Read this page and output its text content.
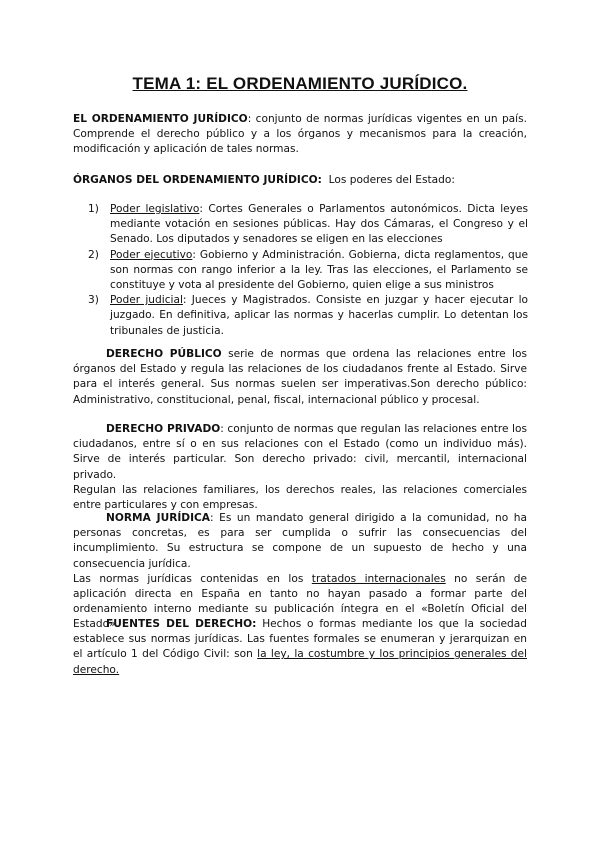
TEMA 1: EL ORDENAMIENTO JURÍDICO.
EL ORDENAMIENTO JURÍDICO: conjunto de normas jurídicas vigentes en un país. Comprende el derecho público y a los órganos y mecanismos para la creación, modificación y aplicación de tales normas.
ÓRGANOS DEL ORDENAMIENTO JURÍDICO: Los poderes del Estado:
1) Poder legislativo: Cortes Generales o Parlamentos autonómicos. Dicta leyes mediante votación en sesiones públicas. Hay dos Cámaras, el Congreso y el Senado. Los diputados y senadores se eligen en las elecciones
2) Poder ejecutivo: Gobierno y Administración. Gobierna, dicta reglamentos, que son normas con rango inferior a la ley. Tras las elecciones, el Parlamento se constituye y vota al presidente del Gobierno, quien elige a sus ministros
3) Poder judicial: Jueces y Magistrados. Consiste en juzgar y hacer ejecutar lo juzgado. En definitiva, aplicar las normas y hacerlas cumplir. Lo detentan los tribunales de justicia.
DERECHO PÚBLICO serie de normas que ordena las relaciones entre los órganos del Estado y regula las relaciones de los ciudadanos frente al Estado. Sirve para el interés general. Sus normas suelen ser imperativas.Son derecho público: Administrativo, constitucional, penal, fiscal, internacional público y procesal.
DERECHO PRIVADO: conjunto de normas que regulan las relaciones entre los ciudadanos, entre sí o en sus relaciones con el Estado (como un individuo más). Sirve de interés particular. Son derecho privado: civil, mercantil, internacional privado.
Regulan las relaciones familiares, los derechos reales, las relaciones comerciales entre particulares y con empresas.
NORMA JURÍDICA: Es un mandato general dirigido a la comunidad, no ha personas concretas, es para ser cumplida o sufrir las consecuencias del incumplimiento. Su estructura se compone de un supuesto de hecho y una consecuencia jurídica.
Las normas jurídicas contenidas en los tratados internacionales no serán de aplicación directa en España en tanto no hayan pasado a formar parte del ordenamiento interno mediante su publicación íntegra en el «Boletín Oficial del Estado».
FUENTES DEL DERECHO: Hechos o formas mediante los que la sociedad establece sus normas jurídicas. Las fuentes formales se enumeran y jerarquizan en el artículo 1 del Código Civil: son la ley, la costumbre y los principios generales del derecho.
